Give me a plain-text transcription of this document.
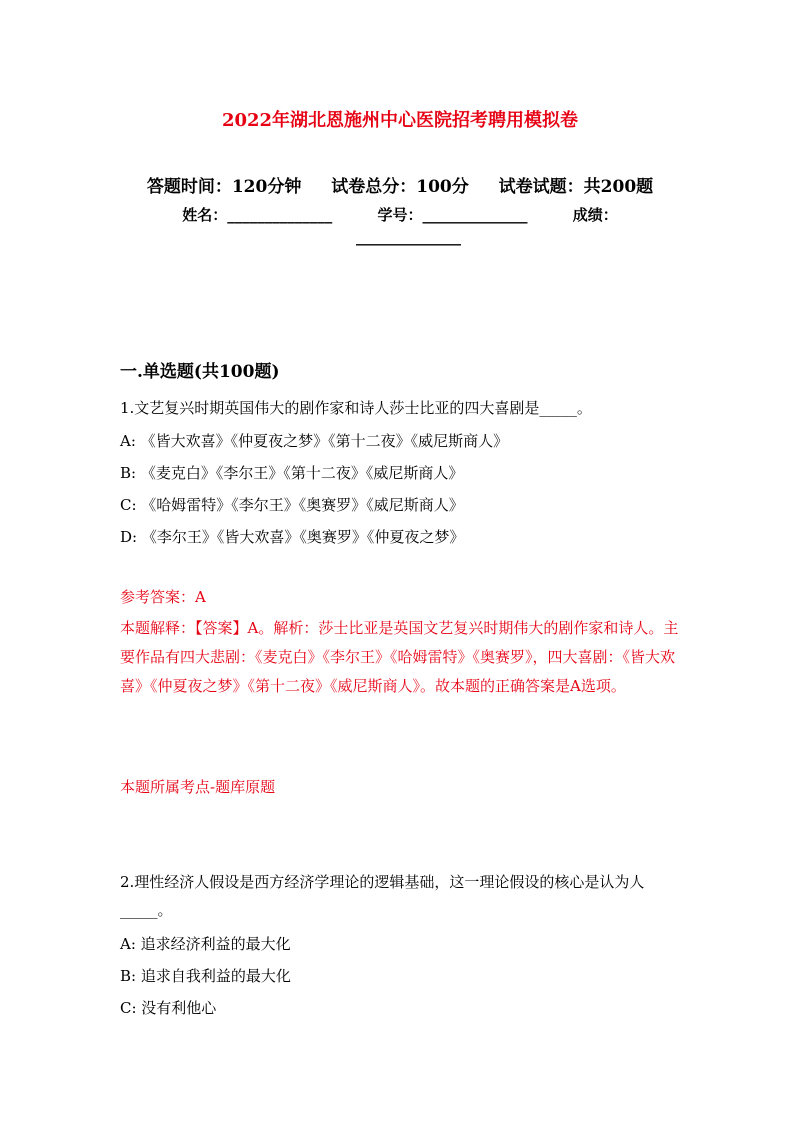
2022年湖北恩施州中心医院招考聘用模拟卷
答题时间：120分钟 试卷总分：100分 试卷试题：共200题
姓名：______________	学号：______________	成绩：
______________
一.单选题(共100题)
1.文艺复兴时期英国伟大的剧作家和诗人莎士比亚的四大喜剧是_____。
A: 《皆大欢喜》《仲夏夜之梦》《第十二夜》《威尼斯商人》
B: 《麦克白》《李尔王》《第十二夜》《威尼斯商人》
C: 《哈姆雷特》《李尔王》《奥赛罗》《威尼斯商人》
D: 《李尔王》《皆大欢喜》《奥赛罗》《仲夏夜之梦》
参考答案：A
本题解释：【答案】A。解析：莎士比亚是英国文艺复兴时期伟大的剧作家和诗人。主要作品有四大悲剧：《麦克白》《李尔王》《哈姆雷特》《奥赛罗》，四大喜剧：《皆大欢喜》《仲夏夜之梦》《第十二夜》《威尼斯商人》。故本题的正确答案是A选项。
本题所属考点-题库原题
2.理性经济人假设是西方经济学理论的逻辑基础，这一理论假设的核心是认为人_____。
A: 追求经济利益的最大化
B: 追求自我利益的最大化
C: 没有利他心
